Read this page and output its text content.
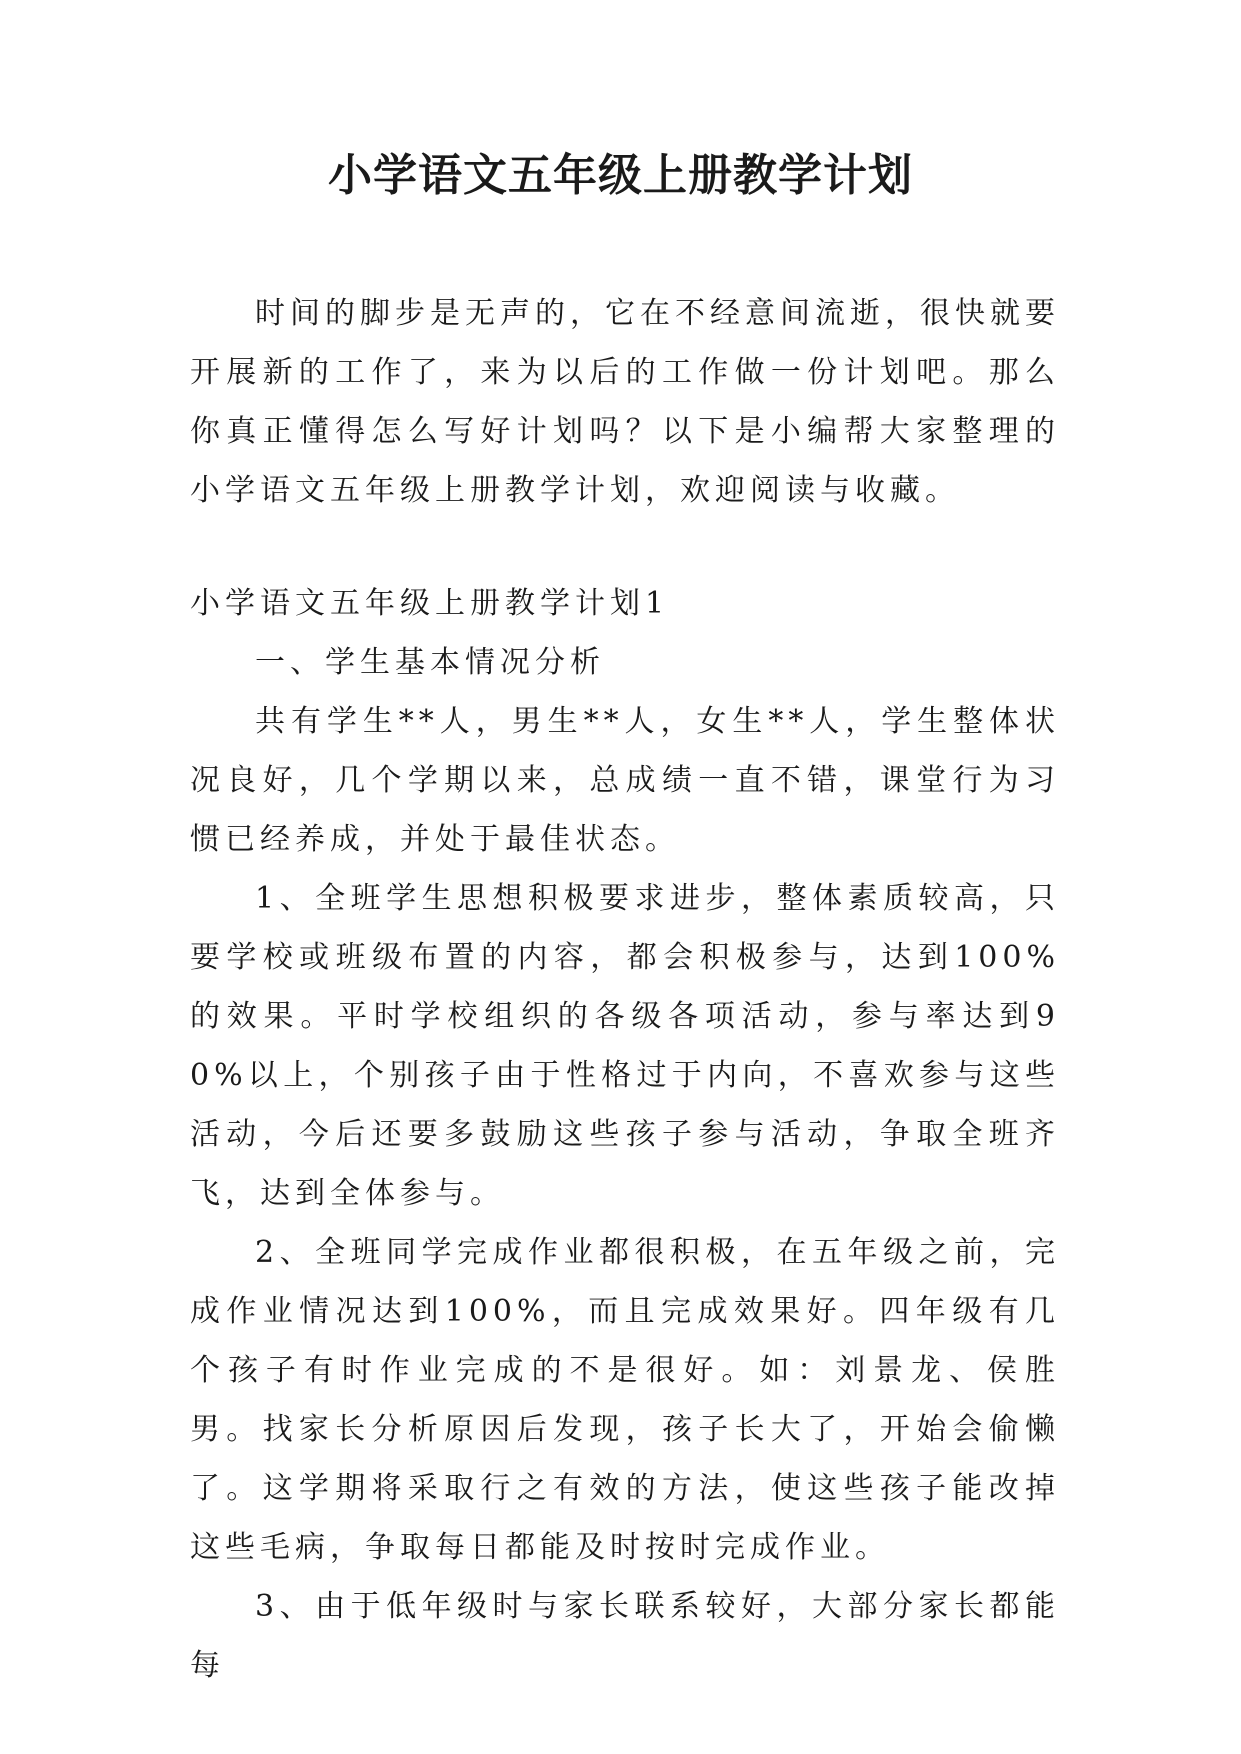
小学语文五年级上册教学计划

时间的脚步是无声的，它在不经意间流逝，很快就要开展新的工作了，来为以后的工作做一份计划吧。那么你真正懂得怎么写好计划吗？以下是小编帮大家整理的小学语文五年级上册教学计划，欢迎阅读与收藏。

小学语文五年级上册教学计划1

一、学生基本情况分析

共有学生**人，男生**人，女生**人，学生整体状况良好，几个学期以来，总成绩一直不错，课堂行为习惯已经养成，并处于最佳状态。

1、全班学生思想积极要求进步，整体素质较高，只要学校或班级布置的内容，都会积极参与，达到100%的效果。平时学校组织的各级各项活动，参与率达到90%以上，个别孩子由于性格过于内向，不喜欢参与这些活动，今后还要多鼓励这些孩子参与活动，争取全班齐飞，达到全体参与。

2、全班同学完成作业都很积极，在五年级之前，完成作业情况达到100%，而且完成效果好。四年级有几个孩子有时作业完成的不是很好。如：刘景龙、侯胜男。找家长分析原因后发现，孩子长大了，开始会偷懒了。这学期将采取行之有效的方法，使这些孩子能改掉这些毛病，争取每日都能及时按时完成作业。

3、由于低年级时与家长联系较好，大部分家长都能每
